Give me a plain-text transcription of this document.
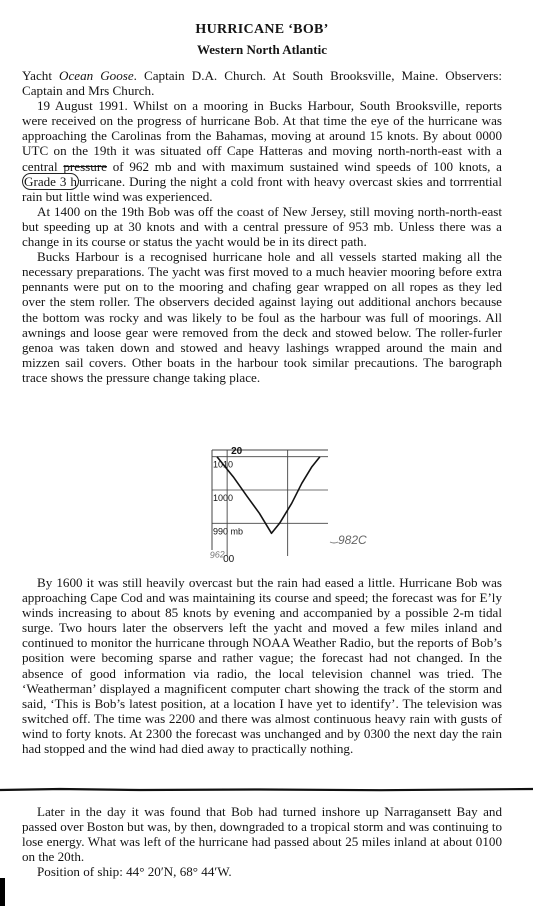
HURRICANE ‘BOB’
Western North Atlantic

Yacht Ocean Goose. Captain D.A. Church. At South Brooksville, Maine. Observers: Captain and Mrs Church.

19 August 1991. Whilst on a mooring in Bucks Harbour, South Brooksville, reports were received on the progress of hurricane Bob. At that time the eye of the hurricane was approaching the Carolinas from the Bahamas, moving at around 15 knots. By about 0000 UTC on the 19th it was situated off Cape Hatteras and moving north-north-east with a central pressure of 962 mb and with maximum sustained wind speeds of 100 knots, a Grade 3 h urricane. During the night a cold front with heavy overcast skies and torrrential rain but little wind was experienced.

At 1400 on the 19th Bob was off the coast of New Jersey, still moving north-north-east but speeding up at 30 knots and with a central pressure of 953 mb. Unless there was a change in its course or status the yacht would be in its direct path.

Bucks Harbour is a recognised hurricane hole and all vessels started making all the necessary preparations. The yacht was first moved to a much heavier mooring before extra pennants were put on to the mooring and chafing gear wrapped on all ropes as they led over the stem roller. The observers decided against laying out additional anchors because the bottom was rocky and was likely to be foul as the harbour was full of moorings. All awnings and loose gear were removed from the deck and stowed below. The roller-furler genoa was taken down and stowed and heavy lashings wrapped around the main and mizzen sail covers. Other boats in the harbour took similar precautions. The barograph trace shows the pressure change taking place.

1010
1000
990 mb
20
00
962
982C

By 1600 it was still heavily overcast but the rain had eased a little. Hurricane Bob was approaching Cape Cod and was maintaining its course and speed; the forecast was for E’ly winds increasing to about 85 knots by evening and accompanied by a possible 2-m tidal surge. Two hours later the observers left the yacht and moved a few miles inland and continued to monitor the hurricane through NOAA Weather Radio, but the reports of Bob’s position were becoming sparse and rather vague; the forecast had not changed. In the absence of good information via radio, the local television channel was tried. The ‘Weatherman’ displayed a magnificent computer chart showing the track of the storm and said, ‘This is Bob’s latest position, at a location I have yet to identify’. The television was switched off. The time was 2200 and there was almost continuous heavy rain with gusts of wind to forty knots. At 2300 the forecast was unchanged and by 0300 the next day the rain had stopped and the wind had died away to practically nothing.

Later in the day it was found that Bob had turned inshore up Narragansett Bay and passed over Boston but was, by then, downgraded to a tropical storm and was continuing to lose energy. What was left of the hurricane had passed about 25 miles inland at about 0100 on the 20th.

Position of ship: 44° 20′N, 68° 44′W.
